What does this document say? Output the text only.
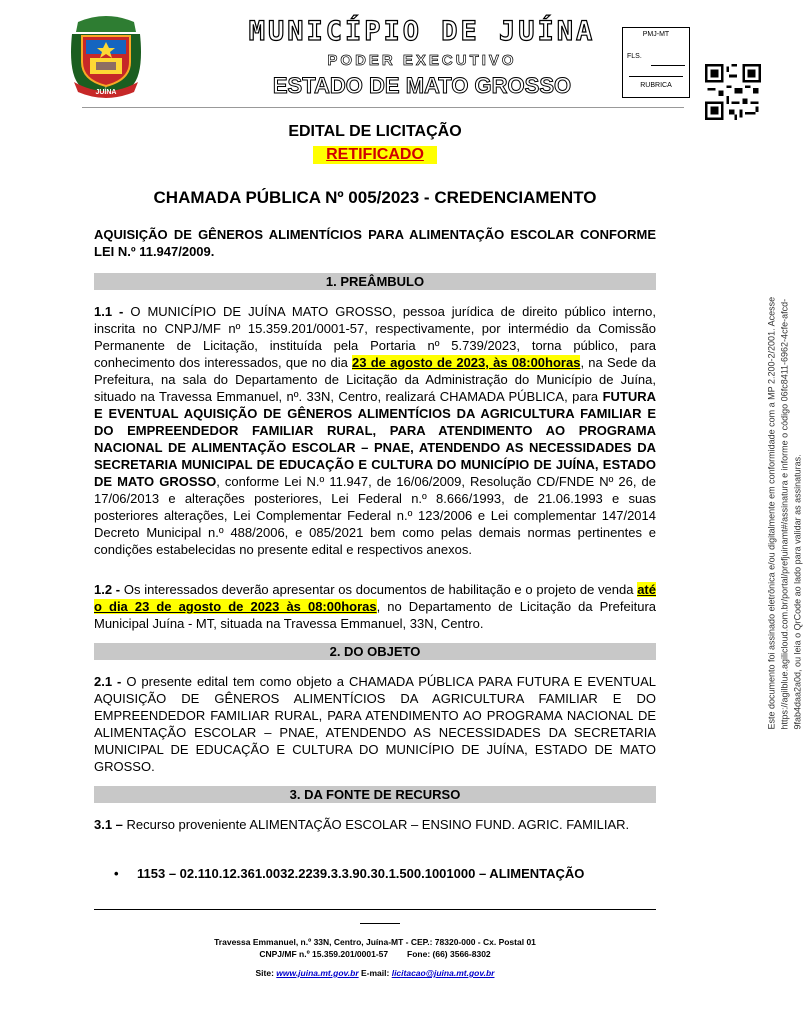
JUÍNA
MUNICÍPIO DE JUÍNA
PODER EXECUTIVO
ESTADO DE MATO GROSSO
PMJ-MT
FLS.
RUBRICA
Este documento foi assinado eletrônica e/ou digitalmente em conformidade com a MP 2.200-2/2001. Acesse https://agilblue.agilicloud.com.br/portal/prefjuinamt#/assinatura e informe o código 06fc8411-6962-4cfe-afcd-9fab4daa2a0d, ou leia o QrCode ao lado para validar as assinaturas.
EDITAL DE LICITAÇÃO
RETIFICADO
CHAMADA PÚBLICA Nº 005/2023 - CREDENCIAMENTO
AQUISIÇÃO DE GÊNEROS ALIMENTÍCIOS PARA ALIMENTAÇÃO ESCOLAR CONFORME LEI N.º 11.947/2009.
1. PREÂMBULO
1.1 - O MUNICÍPIO DE JUÍNA MATO GROSSO, pessoa jurídica de direito público interno, inscrita no CNPJ/MF nº 15.359.201/0001-57, respectivamente, por intermédio da Comissão Permanente de Licitação, instituída pela Portaria nº 5.739/2023, torna público, para conhecimento dos interessados, que no dia 23 de agosto de 2023, às 08:00horas, na Sede da Prefeitura, na sala do Departamento de Licitação da Administração do Município de Juína, situado na Travessa Emmanuel, nº. 33N, Centro, realizará CHAMADA PÚBLICA, para FUTURA E EVENTUAL AQUISIÇÃO DE GÊNEROS ALIMENTÍCIOS DA AGRICULTURA FAMILIAR E DO EMPREENDEDOR FAMILIAR RURAL, PARA ATENDIMENTO AO PROGRAMA NACIONAL DE ALIMENTAÇÃO ESCOLAR – PNAE, ATENDENDO AS NECESSIDADES DA SECRETARIA MUNICIPAL DE EDUCAÇÃO E CULTURA DO MUNICÍPIO DE JUÍNA, ESTADO DE MATO GROSSO, conforme Lei N.º 11.947, de 16/06/2009, Resolução CD/FNDE Nº 26, de 17/06/2013 e alterações posteriores, Lei Federal n.º 8.666/1993, de 21.06.1993 e suas posteriores alterações, Lei Complementar Federal n.º 123/2006 e Lei complementar 147/2014 Decreto Municipal n.º 488/2006, e 085/2021 bem como pelas demais normas pertinentes e condições estabelecidas no presente edital e respectivos anexos.
1.2 - Os interessados deverão apresentar os documentos de habilitação e o projeto de venda até o dia 23 de agosto de 2023 às 08:00horas, no Departamento de Licitação da Prefeitura Municipal Juína - MT, situada na Travessa Emmanuel, 33N, Centro.
2. DO OBJETO
2.1 - O presente edital tem como objeto a CHAMADA PÚBLICA PARA FUTURA E EVENTUAL AQUISIÇÃO DE GÊNEROS ALIMENTÍCIOS DA AGRICULTURA FAMILIAR E DO EMPREENDEDOR FAMILIAR RURAL, PARA ATENDIMENTO AO PROGRAMA NACIONAL DE ALIMENTAÇÃO ESCOLAR – PNAE, ATENDENDO AS NECESSIDADES DA SECRETARIA MUNICIPAL DE EDUCAÇÃO E CULTURA DO MUNICÍPIO DE JUÍNA, ESTADO DE MATO GROSSO.
3. DA FONTE DE RECURSO
3.1 – Recurso proveniente ALIMENTAÇÃO ESCOLAR – ENSINO FUND. AGRIC. FAMILIAR.
• 1153 – 02.110.12.361.0032.2239.3.3.90.30.1.500.1001000 – ALIMENTAÇÃO
Travessa Emmanuel, n.º 33N, Centro, Juína-MT - CEP.: 78320-000 - Cx. Postal 01
CNPJ/MF n.º 15.359.201/0001-57        Fone: (66) 3566-8302
Site: www.juina.mt.gov.br E-mail: licitacao@juina.mt.gov.br
